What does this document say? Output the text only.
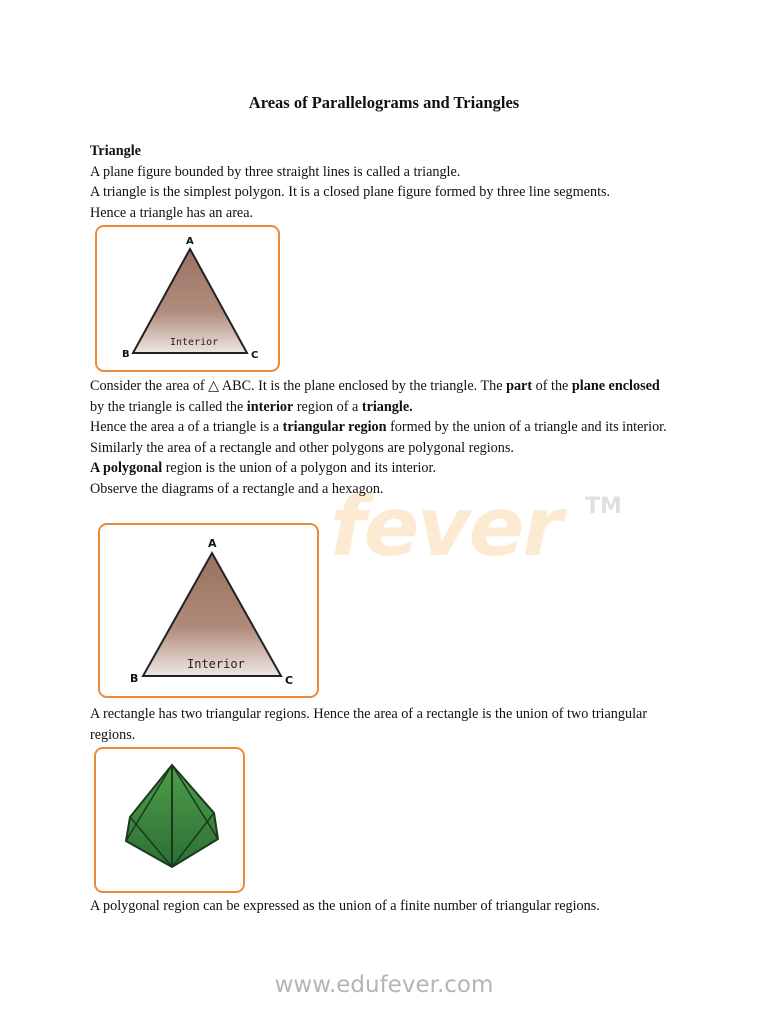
fever TM
Areas of Parallelograms and Triangles
Triangle
A plane figure bounded by three straight lines is called a triangle.
A triangle is the simplest polygon. It is a closed plane figure formed by three line segments.
Hence a triangle has an area.
A
B	C
Interior
Consider the area of △ ABC. It is the plane enclosed by the triangle. The part of the plane enclosed by the triangle is called the interior region of a triangle.
Hence the area a of a triangle is a triangular region formed by the union of a triangle and its interior.
Similarly the area of a rectangle and other polygons are polygonal regions.
A polygonal region is the union of a polygon and its interior.
Observe the diagrams of a rectangle and a hexagon.
A
B	C
Interior
A rectangle has two triangular regions. Hence the area of a rectangle is the union of two triangular regions.
A polygonal region can be expressed as the union of a finite number of triangular regions.
www.edufever.com
